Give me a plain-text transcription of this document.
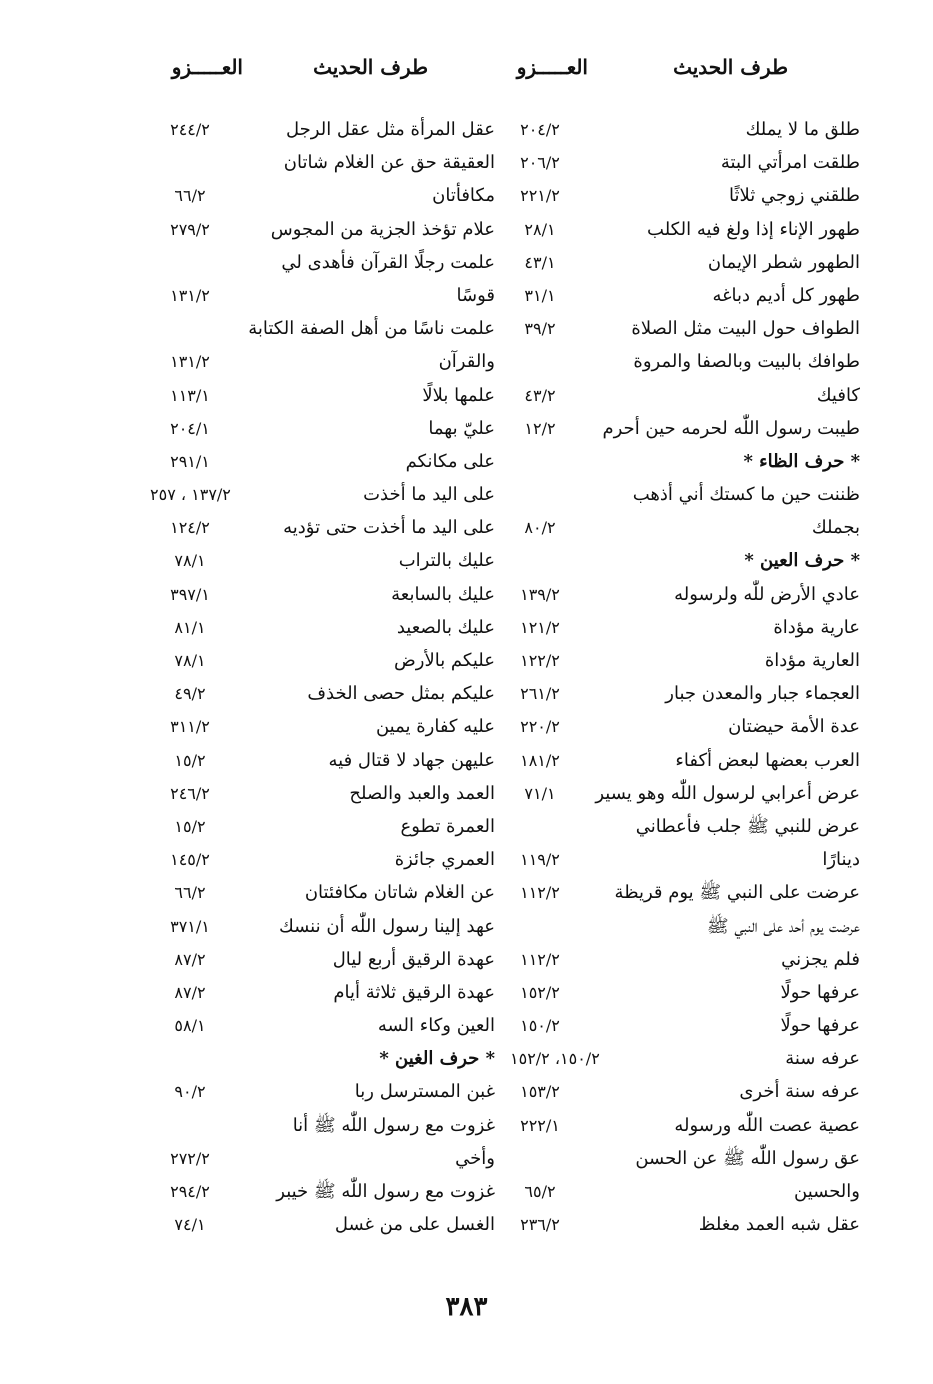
طرف الحديث
العـــــزو
طرف الحديث
العـــــزو
طلق ما لا يملك
٢٠٤/٢
طلقت امرأتي البتة
٢٠٦/٢
طلقني زوجي ثلاثًا
٢٢١/٢
طهور الإناء إذا ولغ فيه الكلب
٢٨/١
الطهور شطر الإيمان
٤٣/١
طهور كل أديم دباغه
٣١/١
الطواف حول البيت مثل الصلاة
٣٩/٢
طوافك بالبيت وبالصفا والمروة
كافيك
٤٣/٢
طيبت رسول اللّٰه لحرمه حين أحرم
١٢/٢
* حرف الظاء *
ظننت حين ما كستك أني أذهب
بجملك
٨٠/٢
* حرف العين *
عادي الأرض للّٰه ولرسوله
١٣٩/٢
عارية مؤداة
١٢١/٢
العارية مؤداة
١٢٢/٢
العجماء جبار والمعدن جبار
٢٦١/٢
عدة الأمة حيضتان
٢٢٠/٢
العرب بعضها لبعض أكفاء
١٨١/٢
عرض أعرابي لرسول اللّٰه وهو يسير
٧١/١
عرض للنبي ﷺ جلب فأعطاني
دينارًا
١١٩/٢
عرضت على النبي ﷺ يوم قريظة
١١٢/٢
عرضت يوم أحد على النبي ﷺ
فلم يجزني
١١٢/٢
عرفها حولًا
١٥٢/٢
عرفها حولًا
١٥٠/٢
عرفه سنة
١٥٠/٢، ١٥٢/٢
عرفه سنة أخرى
١٥٣/٢
عصية عصت اللّٰه ورسوله
٢٢٢/١
عق رسول اللّٰه ﷺ عن الحسن
والحسين
٦٥/٢
عقل شبه العمد مغلظ
٢٣٦/٢
عقل المرأة مثل عقل الرجل
٢٤٤/٢
العقيقة حق عن الغلام شاتان
مكافأتان
٦٦/٢
علام تؤخذ الجزية من المجوس
٢٧٩/٢
علمت رجلًا القرآن فأهدى لي
قوسًا
١٣١/٢
علمت ناسًا من أهل الصفة الكتابة
والقرآن
١٣١/٢
علمها بلالًا
١١٣/١
عليّ بهما
٢٠٤/١
على مكانكم
٢٩١/١
على اليد ما أخذت
١٣٧/٢ ، ٢٥٧
على اليد ما أخذت حتى تؤديه
١٢٤/٢
عليك بالتراب
٧٨/١
عليك بالسابعة
٣٩٧/١
عليك بالصعيد
٨١/١
عليكم بالأرض
٧٨/١
عليكم بمثل حصى الخذف
٤٩/٢
عليه كفارة يمين
٣١١/٢
عليهن جهاد لا قتال فيه
١٥/٢
العمد والعبد والصلح
٢٤٦/٢
العمرة تطوع
١٥/٢
العمري جائزة
١٤٥/٢
عن الغلام شاتان مكافئتان
٦٦/٢
عهد إلينا رسول اللّٰه أن ننسك
٣٧١/١
عهدة الرقيق أربع ليال
٨٧/٢
عهدة الرقيق ثلاثة أيام
٨٧/٢
العين وكاء السه
٥٨/١
* حرف الغين *
غبن المسترسل ربا
٩٠/٢
غزوت مع رسول اللّٰه ﷺ أنا
وأخي
٢٧٢/٢
غزوت مع رسول اللّٰه ﷺ خيبر
٢٩٤/٢
الغسل على من غسل
٧٤/١
٣٨٣
